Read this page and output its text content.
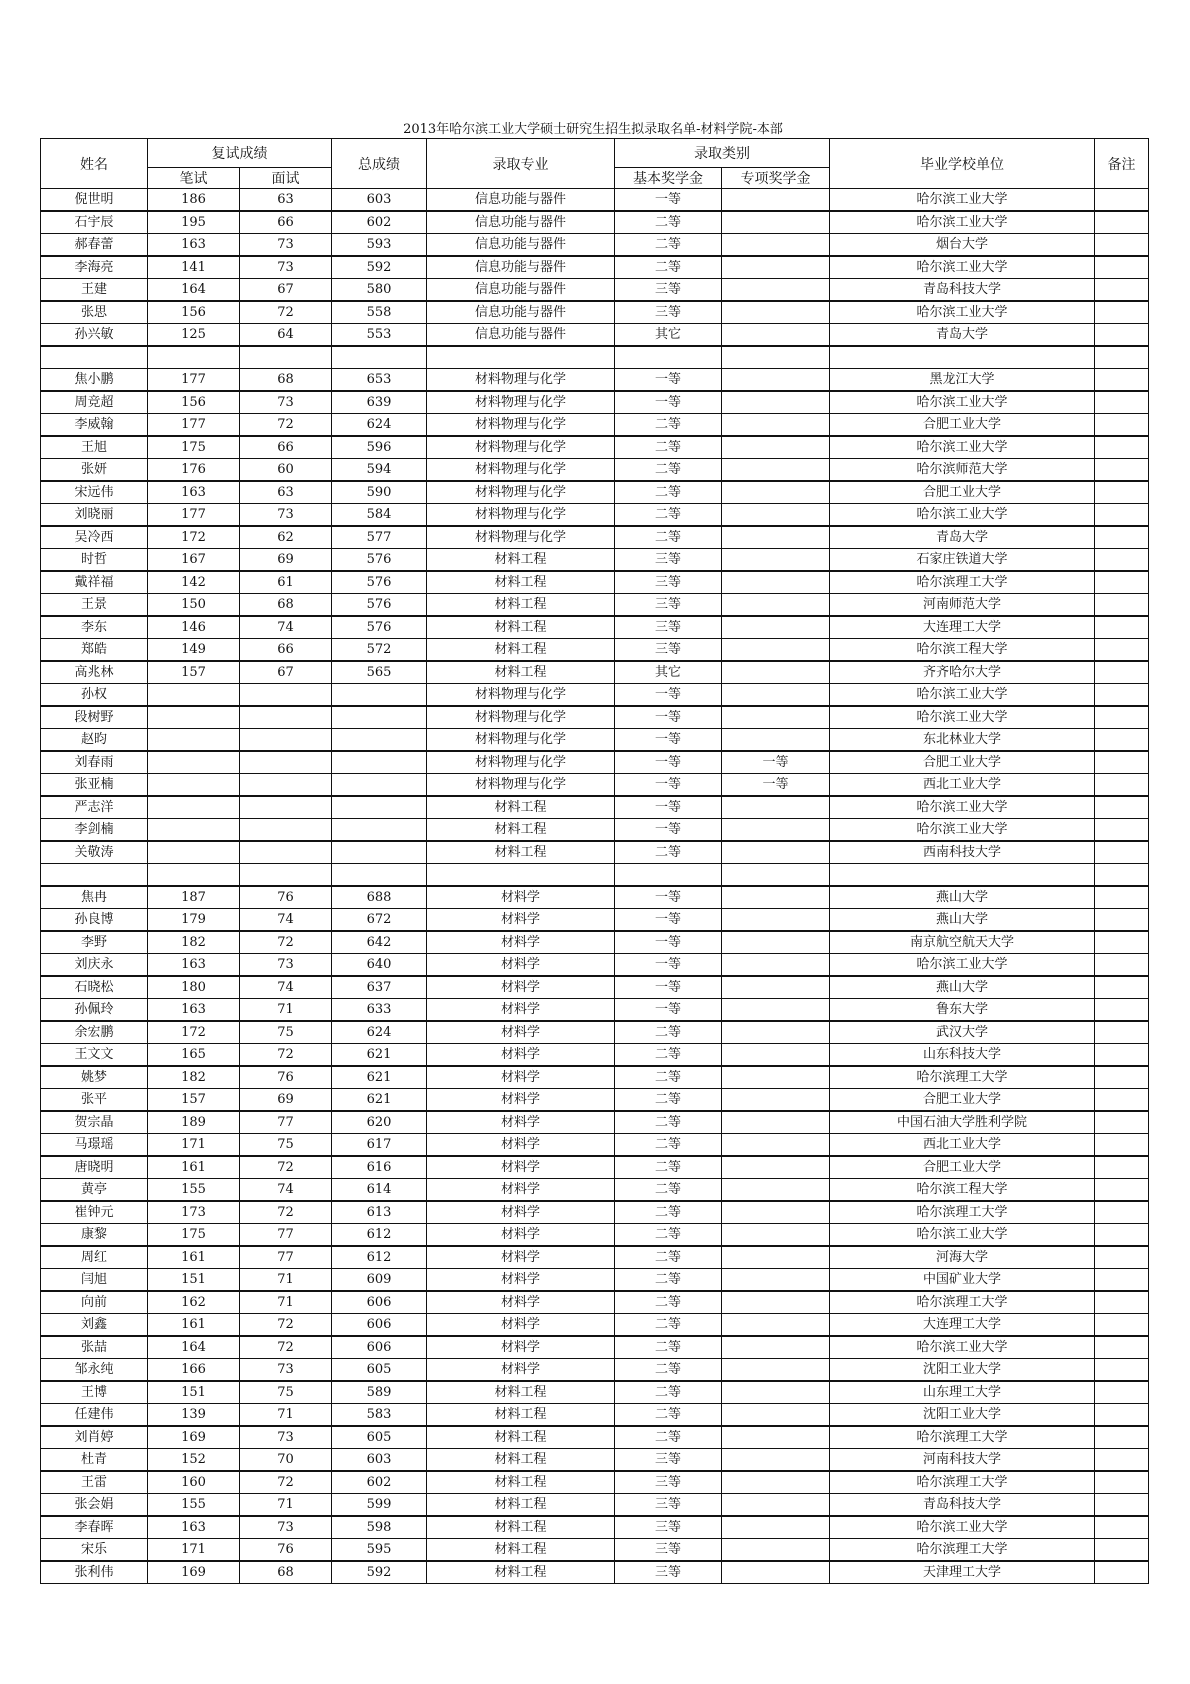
2013年哈尔滨工业大学硕士研究生招生拟录取名单-材料学院-本部
姓名	复试成绩		总成绩	录取专业	录取类别		毕业学校单位	备注
	笔试	面试			基本奖学金	专项奖学金		
倪世明	186	63	603	信息功能与器件	一等		哈尔滨工业大学	
石宇辰	195	66	602	信息功能与器件	二等		哈尔滨工业大学	
郝春蕾	163	73	593	信息功能与器件	二等		烟台大学	
李海亮	141	73	592	信息功能与器件	二等		哈尔滨工业大学	
王建	164	67	580	信息功能与器件	三等		青岛科技大学	
张思	156	72	558	信息功能与器件	三等		哈尔滨工业大学	
孙兴敏	125	64	553	信息功能与器件	其它		青岛大学	

焦小鹏	177	68	653	材料物理与化学	一等		黑龙江大学	
周竞超	156	73	639	材料物理与化学	一等		哈尔滨工业大学	
李威翰	177	72	624	材料物理与化学	二等		合肥工业大学	
王旭	175	66	596	材料物理与化学	二等		哈尔滨工业大学	
张妍	176	60	594	材料物理与化学	二等		哈尔滨师范大学	
宋远伟	163	63	590	材料物理与化学	二等		合肥工业大学	
刘晓丽	177	73	584	材料物理与化学	二等		哈尔滨工业大学	
吴冷西	172	62	577	材料物理与化学	二等		青岛大学	
时哲	167	69	576	材料工程	三等		石家庄铁道大学	
戴祥福	142	61	576	材料工程	三等		哈尔滨理工大学	
王景	150	68	576	材料工程	三等		河南师范大学	
李东	146	74	576	材料工程	三等		大连理工大学	
郑皓	149	66	572	材料工程	三等		哈尔滨工程大学	
高兆林	157	67	565	材料工程	其它		齐齐哈尔大学	
孙权				材料物理与化学	一等		哈尔滨工业大学	
段树野				材料物理与化学	一等		哈尔滨工业大学	
赵昀				材料物理与化学	一等		东北林业大学	
刘春雨				材料物理与化学	一等	一等	合肥工业大学	
张亚楠				材料物理与化学	一等	一等	西北工业大学	
严志洋				材料工程	一等		哈尔滨工业大学	
李剑楠				材料工程	一等		哈尔滨工业大学	
关敬涛				材料工程	二等		西南科技大学	

焦冉	187	76	688	材料学	一等		燕山大学	
孙良博	179	74	672	材料学	一等		燕山大学	
李野	182	72	642	材料学	一等		南京航空航天大学	
刘庆永	163	73	640	材料学	一等		哈尔滨工业大学	
石晓松	180	74	637	材料学	一等		燕山大学	
孙佩玲	163	71	633	材料学	一等		鲁东大学	
余宏鹏	172	75	624	材料学	二等		武汉大学	
王文文	165	72	621	材料学	二等		山东科技大学	
姚梦	182	76	621	材料学	二等		哈尔滨理工大学	
张平	157	69	621	材料学	二等		合肥工业大学	
贺宗晶	189	77	620	材料学	二等		中国石油大学胜利学院	
马璟瑶	171	75	617	材料学	二等		西北工业大学	
唐晓明	161	72	616	材料学	二等		合肥工业大学	
黄亭	155	74	614	材料学	二等		哈尔滨工程大学	
崔钟元	173	72	613	材料学	二等		哈尔滨理工大学	
康黎	175	77	612	材料学	二等		哈尔滨工业大学	
周红	161	77	612	材料学	二等		河海大学	
闫旭	151	71	609	材料学	二等		中国矿业大学	
向前	162	71	606	材料学	二等		哈尔滨理工大学	
刘鑫	161	72	606	材料学	二等		大连理工大学	
张喆	164	72	606	材料学	二等		哈尔滨工业大学	
邹永纯	166	73	605	材料学	二等		沈阳工业大学	
王博	151	75	589	材料工程	二等		山东理工大学	
任建伟	139	71	583	材料工程	二等		沈阳工业大学	
刘肖婷	169	73	605	材料工程	二等		哈尔滨理工大学	
杜青	152	70	603	材料工程	三等		河南科技大学	
王雷	160	72	602	材料工程	三等		哈尔滨理工大学	
张会娟	155	71	599	材料工程	三等		青岛科技大学	
李春晖	163	73	598	材料工程	三等		哈尔滨工业大学	
宋乐	171	76	595	材料工程	三等		哈尔滨理工大学	
张利伟	169	68	592	材料工程	三等		天津理工大学	
